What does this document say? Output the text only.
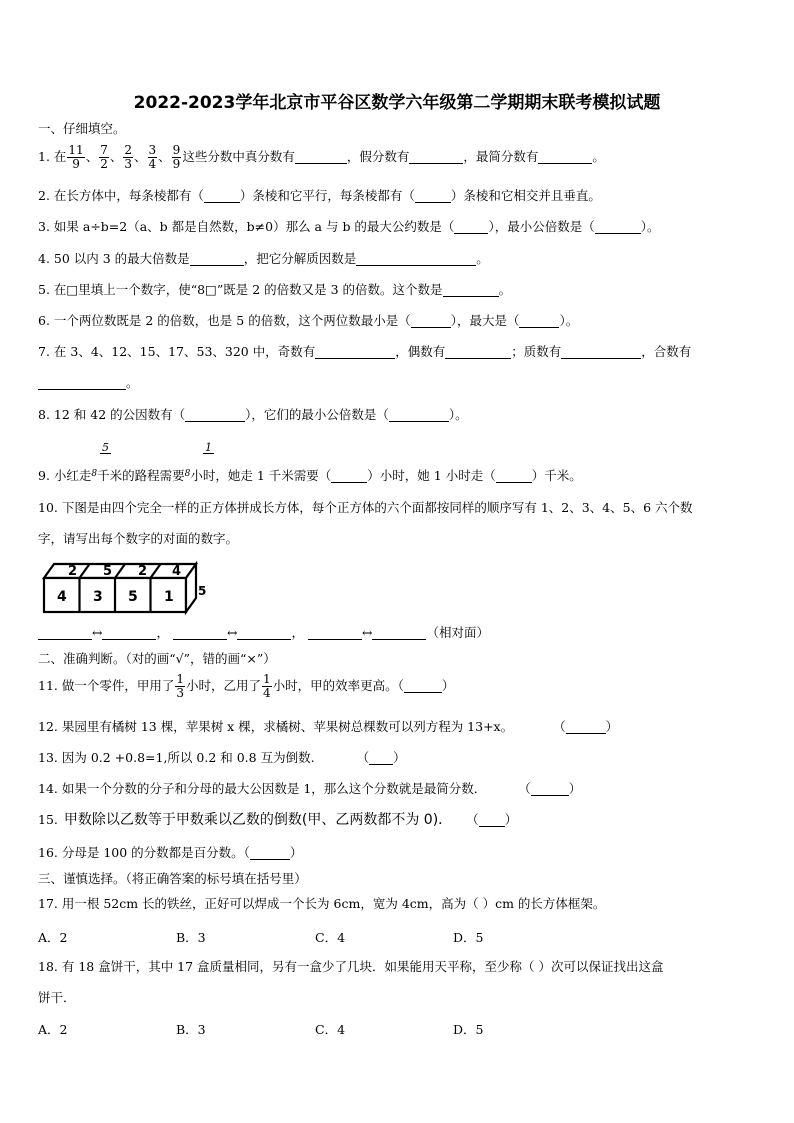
2022-2023学年北京市平谷区数学六年级第二学期期末联考模拟试题
一、仔细填空。
1. 在 $\frac{11}{9}$ 、 $\frac{7}{2}$ 、 $\frac{2}{3}$ 、 $\frac{3}{4}$ 、 $\frac{9}{9}$ 这些分数中真分数有	，假分数有	，最简分数有	。
2. 在长方体中，每条棱都有（	）条棱和它平行，每条棱都有（	）条棱和它相交并且垂直。
3. 如果 a÷b=2（a、b 都是自然数，b≠0）那么 a 与 b 的最大公约数是（	），最小公倍数是（	）。
4. 50 以内 3 的最大倍数是	，把它分解质因数是	。
5. 在□里填上一个数字，使“8□”既是 2 的倍数又是 3 的倍数。这个数是	。
6. 一个两位数既是 2 的倍数，也是 5 的倍数，这个两位数最小是（	），最大是（	）。
7. 在 3、4、12、15、17、53、320 中，奇数有	，偶数有	；质数有	，合数有
。
8. 12 和 42 的公因数有（	），它们的最小公倍数是（	）。
5	1
9. 小红走$^8$千米的路程需要$^8$小时，她走 1 千米需要（	）小时，她 1 小时走（	）千米。
10. 下图是由四个完全一样的正方体拼成长方体，每个正方体的六个面都按同样的顺序写有 1、2、3、4、5、6 六个数
字，请写出每个数字的对面的数字。
2 5 2 4
4 3 5 1 5
↔	，	↔	，	↔	（相对面）
二、准确判断。（对的画“√”，错的画“×”）
11. 做一个零件，甲用了 $\frac{1}{3}$ 小时，乙用了 $\frac{1}{4}$ 小时，甲的效率更高。（	）
12. 果园里有橘树 13 棵，苹果树 x 棵，求橘树、苹果树总棵数可以列方程为 13+x。	（	）
13. 因为 0.2 +0.8=1,所以 0.2 和 0.8 互为倒数.	（ ）
14. 如果一个分数的分子和分母的最大公因数是 1，那么这个分数就是最简分数．	（	）
15. 甲数除以乙数等于甲数乘以乙数的倒数(甲、乙两数都不为 0)． （ ）
16. 分母是 100 的分数都是百分数。（	）
三、谨慎选择。（将正确答案的标号填在括号里）
17. 用一根 52cm 长的铁丝，正好可以焊成一个长为 6cm，宽为 4cm，高为（ ）cm 的长方体框架。
A．2	B．3	C．4	D．5
18. 有 18 盒饼干，其中 17 盒质量相同，另有一盒少了几块．如果能用天平称，至少称（ ）次可以保证找出这盒
饼干．
A．2	B．3	C．4	D．5
